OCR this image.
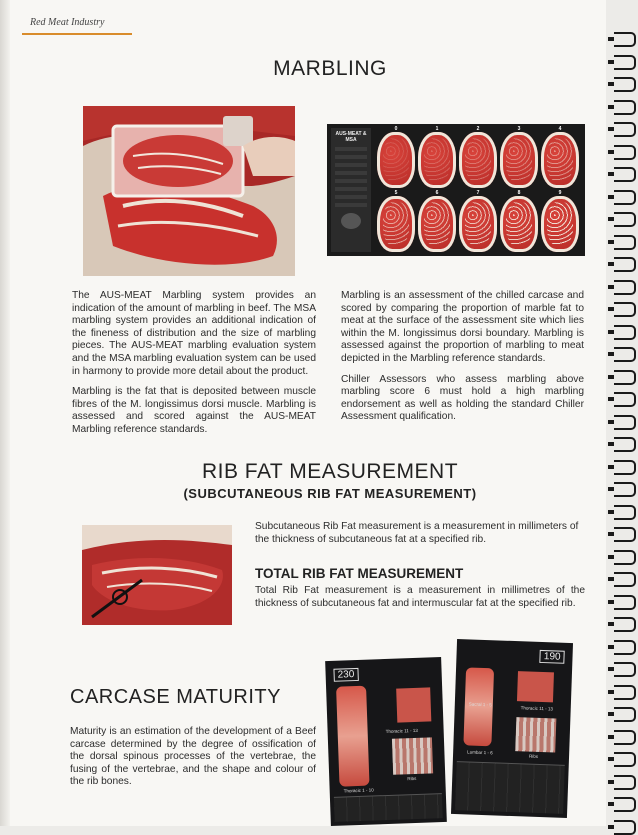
Red Meat Industry
MARBLING
AUS-MEAT & MSA
0	1	2	3	4
5	6	7	8	9

The AUS-MEAT Marbling system provides an indication of the amount of marbling in beef. The MSA marbling system provides an additional indication of the fineness of distribution and the size of marbling pieces. The AUS-MEAT marbling evaluation system and the MSA marbling evaluation system can be used in harmony to provide more detail about the product.

Marbling is the fat that is deposited between muscle fibres of the M. longissimus dorsi muscle. Marbling is assessed and scored against the AUS-MEAT Marbling reference standards.

Marbling is an assessment of the chilled carcase and scored by comparing the proportion of marble fat to meat at the surface of the assessment site which lies within the M. longissimus dorsi boundary. Marbling is assessed against the proportion of marbling to meat depicted in the Marbling reference standards.

Chiller Assessors who assess marbling above marbling score 6 must hold a high marbling endorsement as well as holding the standard Chiller Assessment qualification.

RIB FAT MEASUREMENT
(SUBCUTANEOUS RIB FAT MEASUREMENT)
Subcutaneous Rib Fat measurement is a measurement in millimeters of the thickness of subcutaneous fat at a specified rib.
TOTAL RIB FAT MEASUREMENT
Total Rib Fat measurement is a measurement in millimetres of the thickness of subcutaneous fat and intermuscular fat at the specified rib.
CARCASE MATURITY
Maturity is an estimation of the development of a Beef carcase determined by the degree of ossification of the dorsal spinous processes of the vertebrae, the fusing of the vertebrae, and the shape and colour of the rib bones.
230
Thoracic 11 - 13
Ribs
Thoracic 1 - 10
190
Sacral 1 - 5
Thoracic 11 - 13
Lumbar 1 - 6
Ribs
